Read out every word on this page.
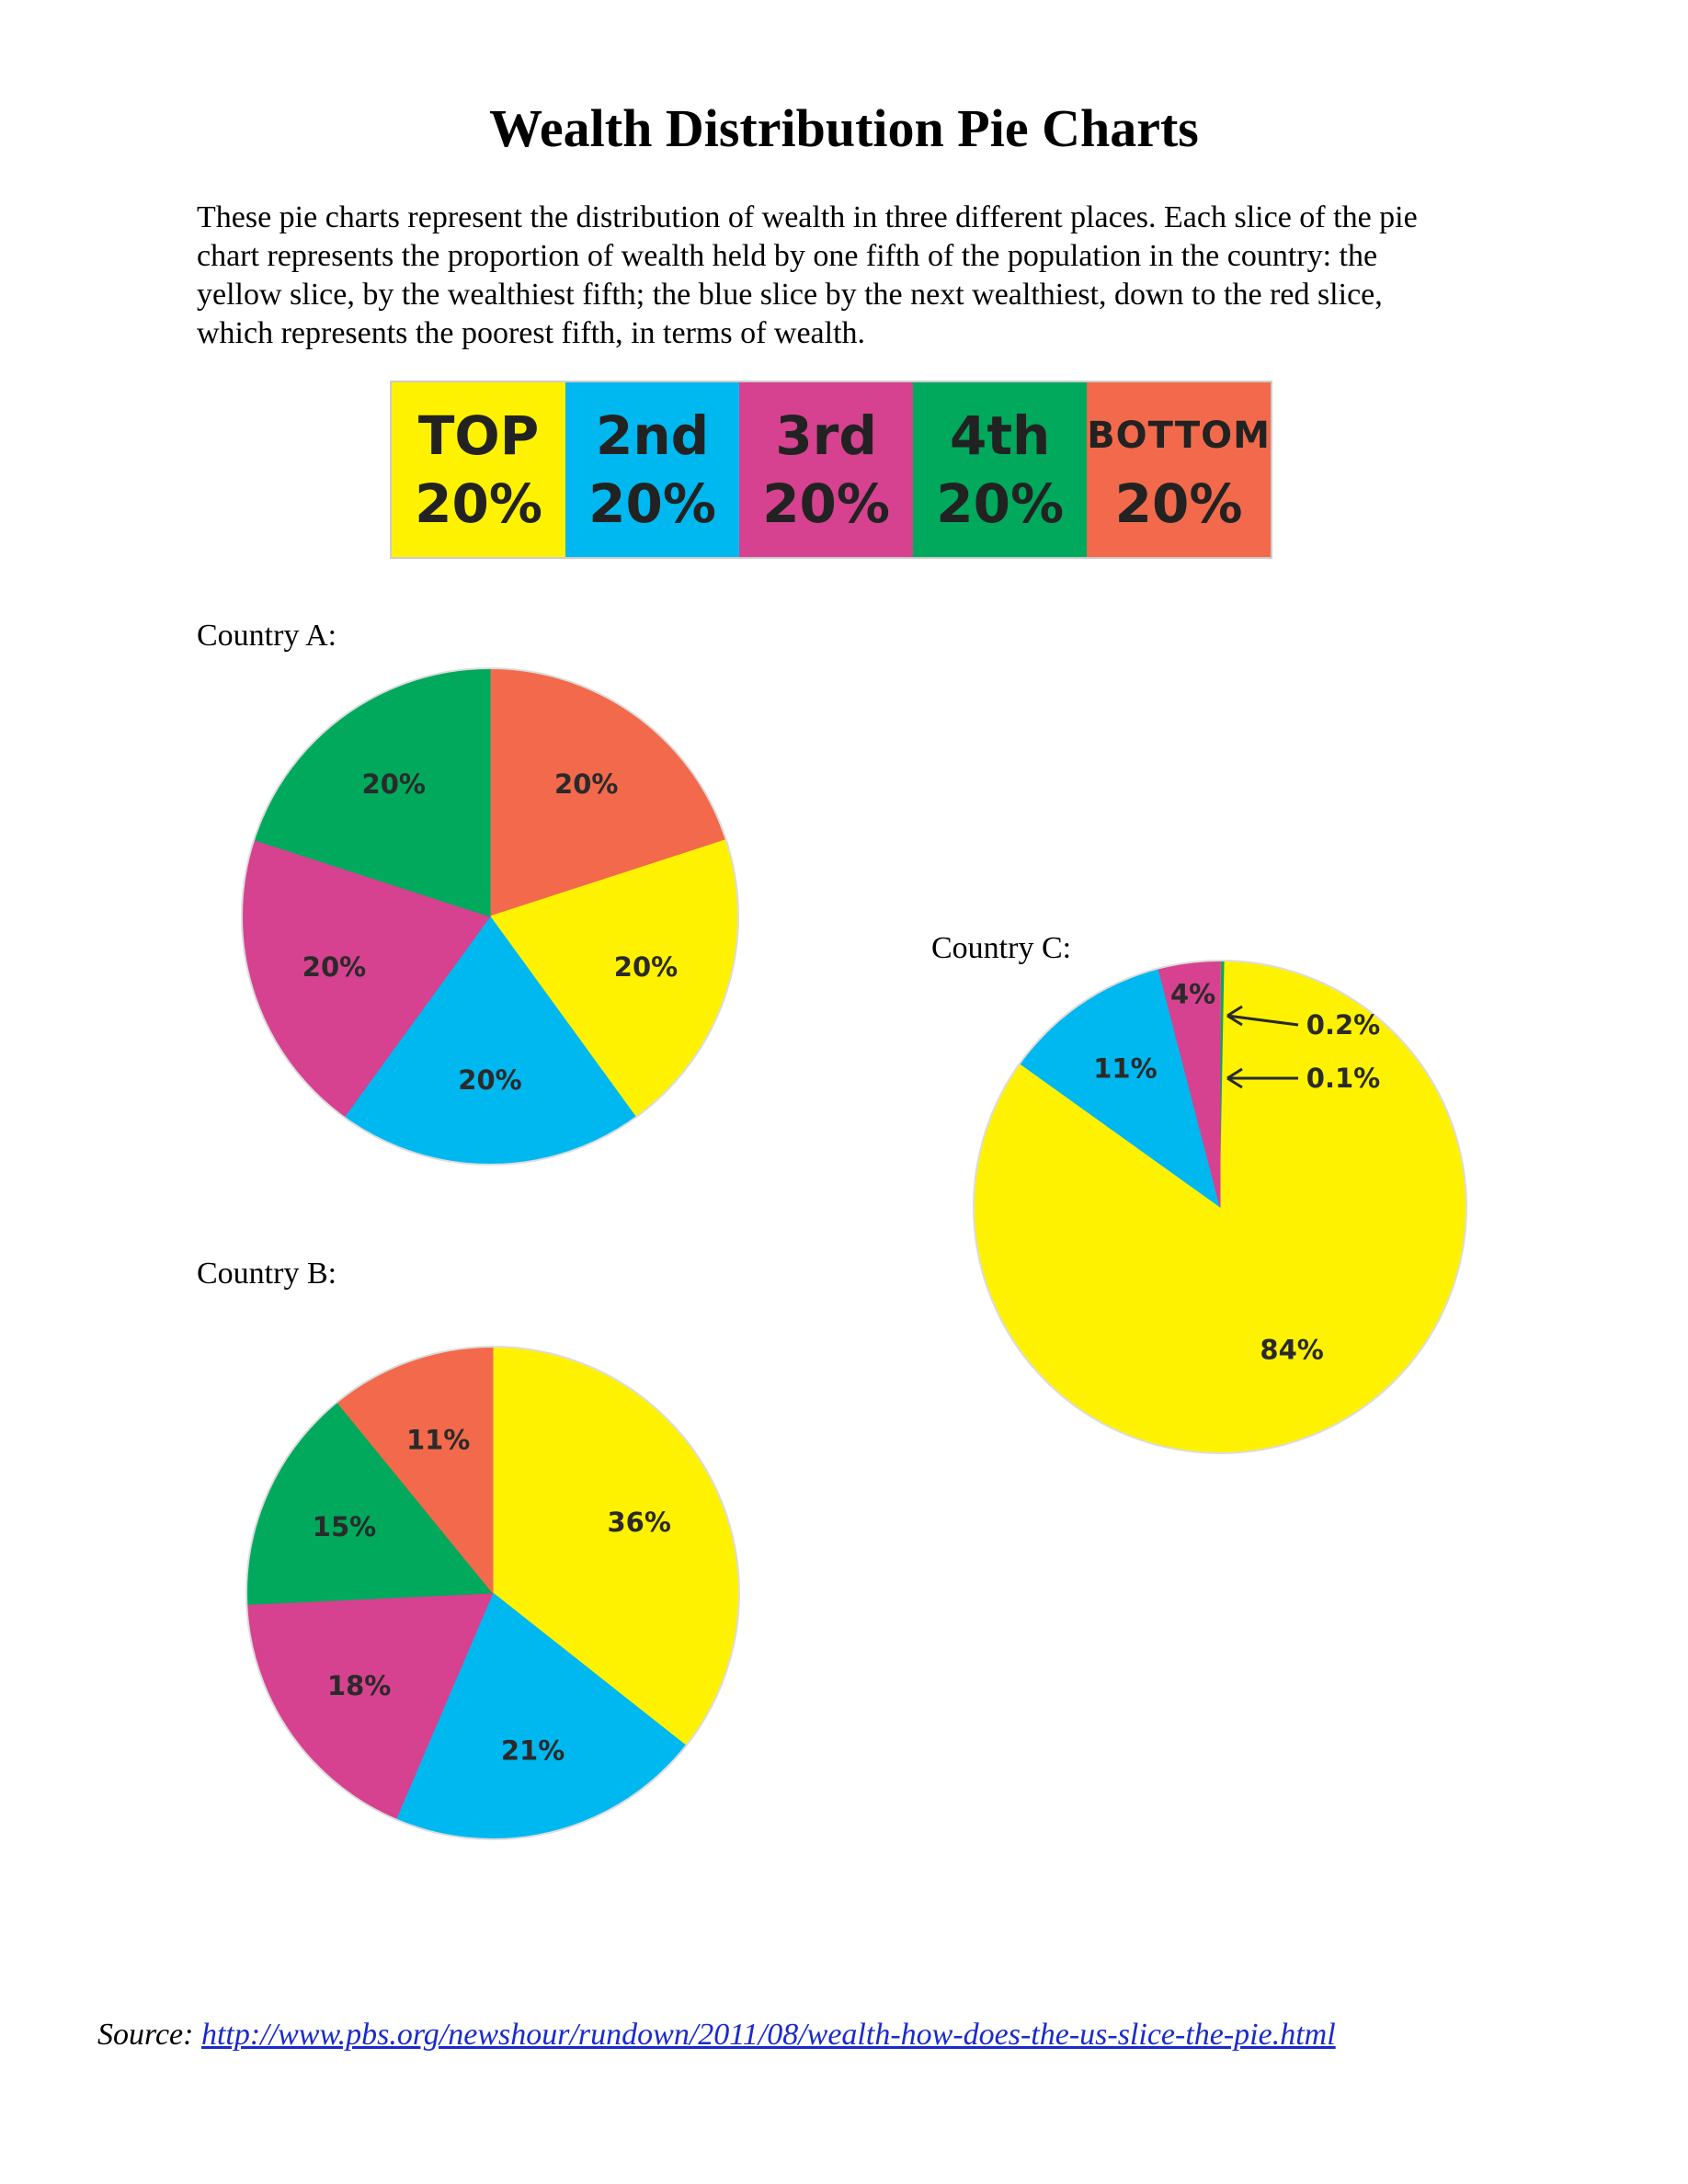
Wealth Distribution Pie Charts
These pie charts represent the distribution of wealth in three different places. Each slice of the pie chart represents the proportion of wealth held by one fifth of the population in the country: the yellow slice, by the wealthiest fifth; the blue slice by the next wealthiest, down to the red slice, which represents the poorest fifth, in terms of wealth.
TOP
20%
2nd
20%
3rd
20%
4th
20%
BOTTOM
20%
Country A:
20%
20%
20%
20%	20%
36%
21%
18%
15%
11%
84%
11%
4%
0.2%
0.1%
Country B:
Country C:
Source: http://www.pbs.org/newshour/rundown/2011/08/wealth-how-does-the-us-slice-the-pie.html
